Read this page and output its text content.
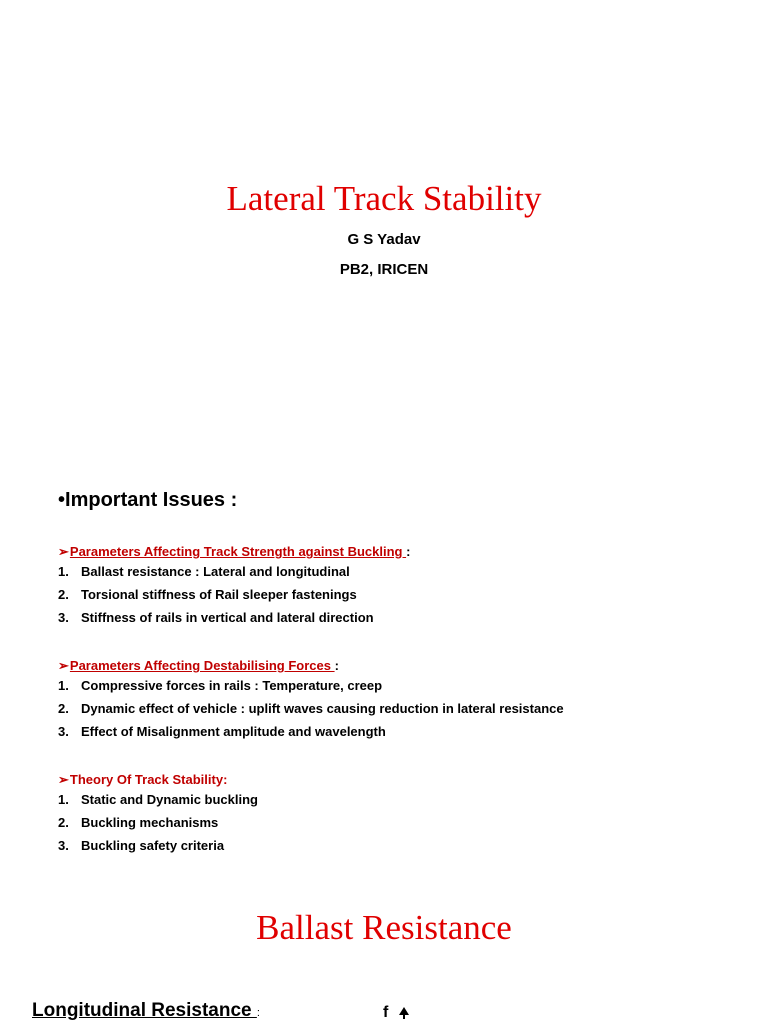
Lateral Track Stability
G S Yadav
PB2, IRICEN
•Important Issues :
➢Parameters Affecting Track Strength against Buckling :
1. Ballast resistance : Lateral and longitudinal
2. Torsional stiffness of Rail sleeper fastenings
3. Stiffness of rails in vertical and lateral direction
➢Parameters Affecting Destabilising Forces :
1. Compressive forces in rails : Temperature, creep
2. Dynamic effect of vehicle : uplift waves causing reduction in lateral resistance
3. Effect of Misalignment amplitude and wavelength
➢Theory Of Track Stability:
1. Static and Dynamic buckling
2. Buckling mechanisms
3. Buckling safety criteria
Ballast Resistance
Longitudinal Resistance :	f
